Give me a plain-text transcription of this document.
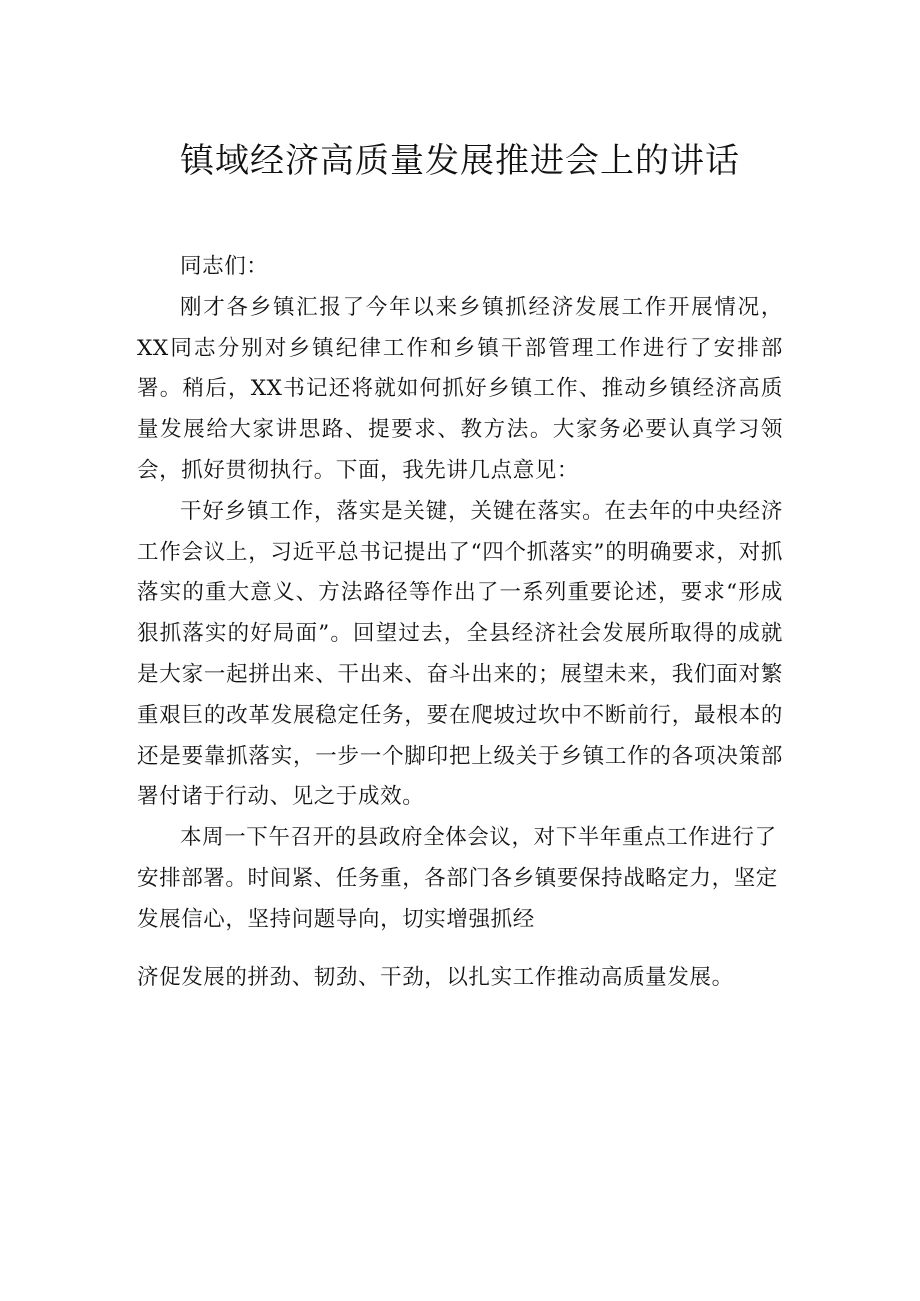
镇域经济高质量发展推进会上的讲话

同志们：

刚才各乡镇汇报了今年以来乡镇抓经济发展工作开展情况，XX同志分别对乡镇纪律工作和乡镇干部管理工作进行了安排部署。稍后，XX书记还将就如何抓好乡镇工作、推动乡镇经济高质量发展给大家讲思路、提要求、教方法。大家务必要认真学习领会，抓好贯彻执行。下面，我先讲几点意见：

干好乡镇工作，落实是关键，关键在落实。在去年的中央经济工作会议上，习近平总书记提出了“四个抓落实”的明确要求，对抓落实的重大意义、方法路径等作出了一系列重要论述，要求“形成狠抓落实的好局面”。回望过去，全县经济社会发展所取得的成就是大家一起拼出来、干出来、奋斗出来的；展望未来，我们面对繁重艰巨的改革发展稳定任务，要在爬坡过坎中不断前行，最根本的还是要靠抓落实，一步一个脚印把上级关于乡镇工作的各项决策部署付诸于行动、见之于成效。

本周一下午召开的县政府全体会议，对下半年重点工作进行了安排部署。时间紧、任务重，各部门各乡镇要保持战略定力，坚定发展信心，坚持问题导向，切实增强抓经

济促发展的拼劲、韧劲、干劲，以扎实工作推动高质量发展。
